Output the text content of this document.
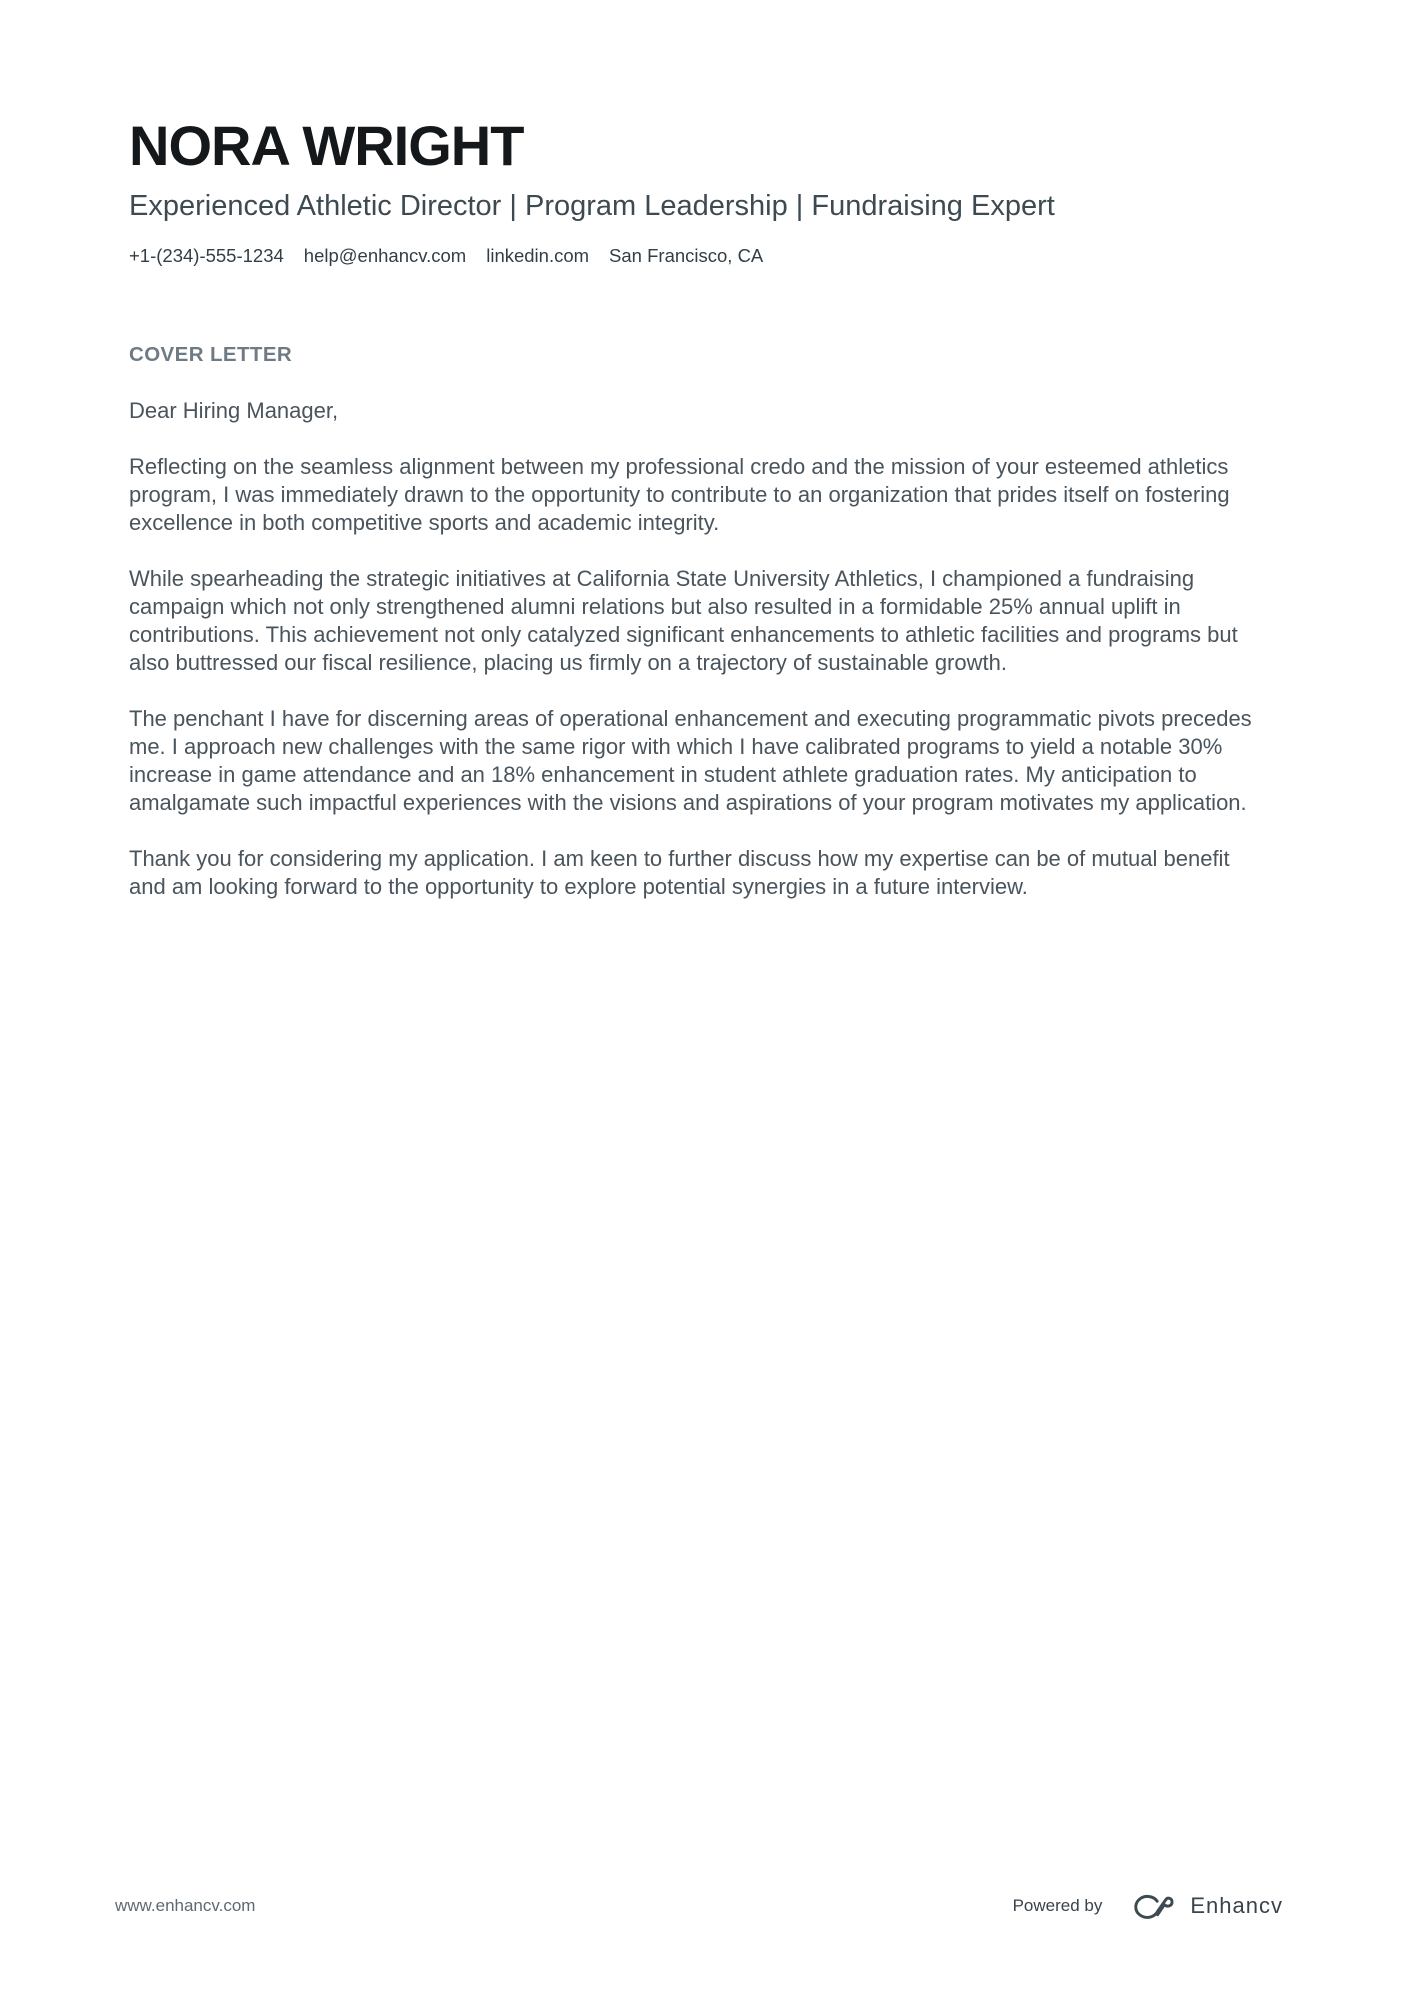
NORA WRIGHT
Experienced Athletic Director | Program Leadership | Fundraising Expert
+1-(234)-555-1234 help@enhancv.com linkedin.com San Francisco, CA
COVER LETTER

Dear Hiring Manager,

Reflecting on the seamless alignment between my professional credo and the mission of your esteemed athletics program, I was immediately drawn to the opportunity to contribute to an organization that prides itself on fostering excellence in both competitive sports and academic integrity.

While spearheading the strategic initiatives at California State University Athletics, I championed a fundraising campaign which not only strengthened alumni relations but also resulted in a formidable 25% annual uplift in contributions. This achievement not only catalyzed significant enhancements to athletic facilities and programs but also buttressed our fiscal resilience, placing us firmly on a trajectory of sustainable growth.

The penchant I have for discerning areas of operational enhancement and executing programmatic pivots precedes me. I approach new challenges with the same rigor with which I have calibrated programs to yield a notable 30% increase in game attendance and an 18% enhancement in student athlete graduation rates. My anticipation to amalgamate such impactful experiences with the visions and aspirations of your program motivates my application.

Thank you for considering my application. I am keen to further discuss how my expertise can be of mutual benefit and am looking forward to the opportunity to explore potential synergies in a future interview.

www.enhancv.com	Powered by	Enhancv
